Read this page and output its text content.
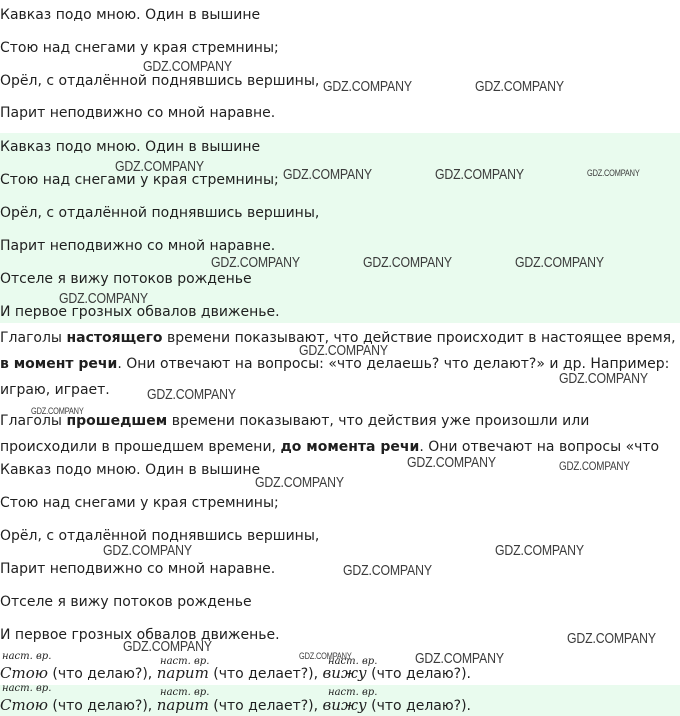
Кавказ подо мною. Один в вышине
Стою над снегами у края стремнины;
Орёл, с отдалённой поднявшись вершины,
Парит неподвижно со мной наравне.
Кавказ подо мною. Один в вышине
Стою над снегами у края стремнины;
Орёл, с отдалённой поднявшись вершины,
Парит неподвижно со мной наравне.
Отселе я вижу потоков рожденье
И первое грозных обвалов движенье.
Глаголы настоящего времени показывают, что действие происходит в настоящее время, в момент речи. Они отвечают на вопросы: «что делаешь? что делают?» и др. Например: играю, играет.
Глаголы прошедшем времени показывают, что действия уже произошли или происходили в прошедшем времени, до момента речи. Они отвечают на вопросы «что
Кавказ подо мною. Один в вышине
Стою над снегами у края стремнины;
Орёл, с отдалённой поднявшись вершины,
Парит неподвижно со мной наравне.
Отселе я вижу потоков рожденье
И первое грозных обвалов движенье.
наст. вр.	наст. вр.	наст. вр.
Стою (что делаю?), парит (что делает?), вижу (что делаю?).
наст. вр.	наст. вр.	наст. вр.
Стою (что делаю?), парит (что делает?), вижу (что делаю?).
GDZ.COMPANY
GDZ.COMPANY	GDZ.COMPANY
GDZ.COMPANY	GDZ.COMPANY	GDZ.COMPANY	GDZ.COMPANY
GDZ.COMPANY	GDZ.COMPANY	GDZ.COMPANY
GDZ.COMPANY
GDZ.COMPANY
GDZ.COMPANY
GDZ.COMPANY
GDZ.COMPANY
GDZ.COMPANY	GDZ.COMPANY
GDZ.COMPANY
GDZ.COMPANY	GDZ.COMPANY
GDZ.COMPANY
GDZ.COMPANY
GDZ.COMPANY
GDZ.COMPANY	GDZ.COMPANY
